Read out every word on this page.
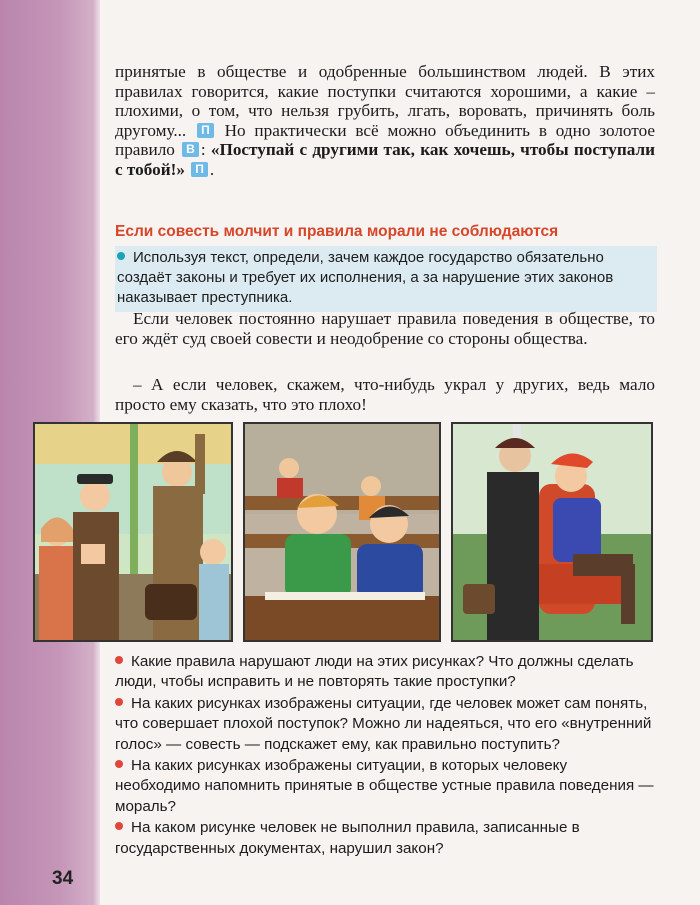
принятые в обществе и одобренные большинством людей. В этих правилах говорится, какие поступки считаются хорошими, а какие – плохими, о том, что нельзя грубить, лгать, воровать, причинять боль другому... П Но практически всё можно объединить в одно золотое правило В : «Поступай с другими так, как хочешь, чтобы поступали с тобой!» П .
Если совесть молчит и правила морали не соблюдаются
Используя текст, определи, зачем каждое государство обязательно создаёт законы и требует их исполнения, а за нарушение этих законов наказывает преступника.
Если человек постоянно нарушает правила поведения в обществе, то его ждёт суд своей совести и неодобрение со стороны общества.
– А если человек, скажем, что-нибудь украл у других, ведь мало просто ему сказать, что это плохо!
Какие правила нарушают люди на этих рисунках? Что должны сделать люди, чтобы исправить и не повторять такие проступки?
На каких рисунках изображены ситуации, где человек может сам понять, что совершает плохой поступок? Можно ли надеяться, что его «внутренний голос» — совесть — подскажет ему, как правильно поступить?
На каких рисунках изображены ситуации, в которых человеку необходимо напомнить принятые в обществе устные правила поведения — мораль?
На каком рисунке человек не выполнил правила, записанные в государственных документах, нарушил закон?
34
